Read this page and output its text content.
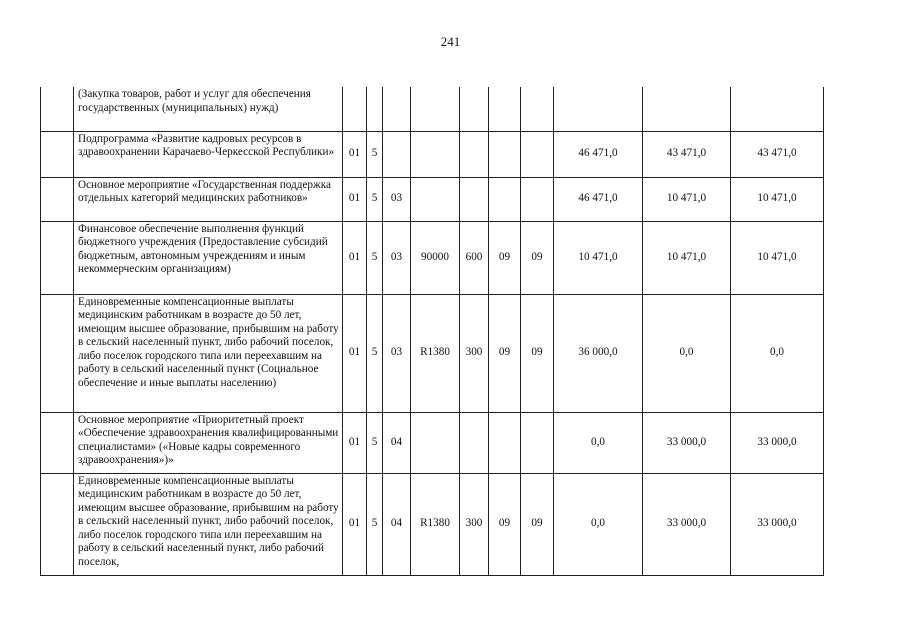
241
	(Закупка товаров, работ и услуг для обеспечения государственных (муниципальных) нужд)										
	Подпрограмма «Развитие кадровых ресурсов в здравоохранении Карачаево-Черкесской Республики»	01	5						46 471,0	43 471,0	43 471,0
	Основное мероприятие «Государственная поддержка отдельных категорий медицинских работников»	01	5	03					46 471,0	10 471,0	10 471,0
	Финансовое обеспечение выполнения функций бюджетного учреждения (Предоставление субсидий бюджетным, автономным учреждениям и иным некоммерческим организациям)	01	5	03	90000	600	09	09	10 471,0	10 471,0	10 471,0
	Единовременные компенсационные выплаты медицинским работникам в возрасте до 50 лет, имеющим высшее образование, прибывшим на работу в сельский населенный пункт, либо рабочий поселок, либо поселок городского типа или переехавшим на работу в сельский населенный пункт (Социальное обеспечение и иные выплаты населению)	01	5	03	R1380	300	09	09	36 000,0	0,0	0,0
	Основное мероприятие «Приоритетный проект «Обеспечение здравоохранения квалифицированными специалистами» («Новые кадры современного здравоохранения»)»	01	5	04					0,0	33 000,0	33 000,0
	Единовременные компенсационные выплаты медицинским работникам в возрасте до 50 лет, имеющим высшее образование, прибывшим на работу в сельский населенный пункт, либо рабочий поселок, либо поселок городского типа или переехавшим на работу в сельский населенный пункт, либо рабочий поселок,	01	5	04	R1380	300	09	09	0,0	33 000,0	33 000,0
